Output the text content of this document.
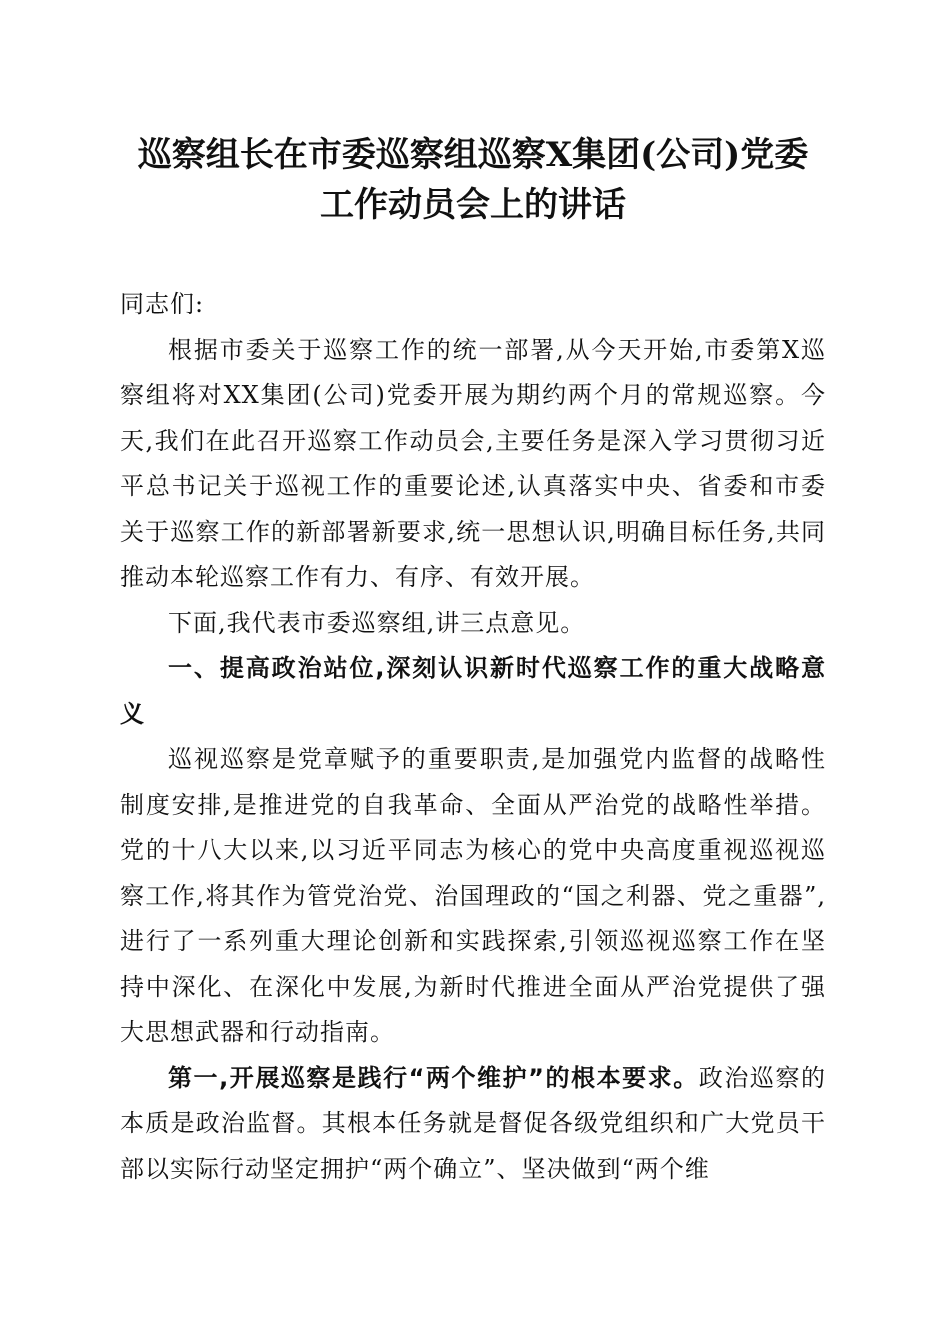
巡察组长在市委巡察组巡察X集团(公司)党委
工作动员会上的讲话

同志们:

根据市委关于巡察工作的统一部署,从今天开始,市委第X巡察组将对XX集团(公司)党委开展为期约两个月的常规巡察。今天,我们在此召开巡察工作动员会,主要任务是深入学习贯彻习近平总书记关于巡视工作的重要论述,认真落实中央、省委和市委关于巡察工作的新部署新要求,统一思想认识,明确目标任务,共同推动本轮巡察工作有力、有序、有效开展。

下面,我代表市委巡察组,讲三点意见。

一、提高政治站位,深刻认识新时代巡察工作的重大战略意义

巡视巡察是党章赋予的重要职责,是加强党内监督的战略性制度安排,是推进党的自我革命、全面从严治党的战略性举措。党的十八大以来,以习近平同志为核心的党中央高度重视巡视巡察工作,将其作为管党治党、治国理政的“国之利器、党之重器”,进行了一系列重大理论创新和实践探索,引领巡视巡察工作在坚持中深化、在深化中发展,为新时代推进全面从严治党提供了强大思想武器和行动指南。

第一,开展巡察是践行“两个维护”的根本要求。政治巡察的本质是政治监督。其根本任务就是督促各级党组织和广大党员干部以实际行动坚定拥护“两个确立”、坚决做到“两个维
